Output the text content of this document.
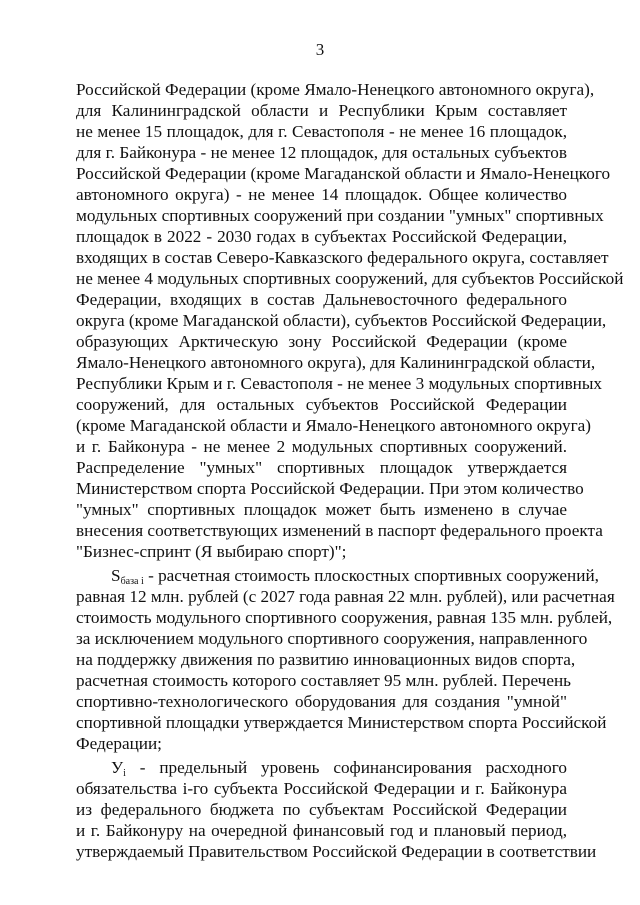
3
Российской Федерации (кроме Ямало-Ненецкого автономного округа),
для Калининградской области и Республики Крым составляет
не менее 15 площадок, для г. Севастополя - не менее 16 площадок,
для г. Байконура - не менее 12 площадок, для остальных субъектов
Российской Федерации (кроме Магаданской области и Ямало-Ненецкого
автономного округа) - не менее 14 площадок. Общее количество
модульных спортивных сооружений при создании "умных" спортивных
площадок в 2022 - 2030 годах в субъектах Российской Федерации,
входящих в состав Северо-Кавказского федерального округа, составляет
не менее 4 модульных спортивных сооружений, для субъектов Российской
Федерации, входящих в состав Дальневосточного федерального
округа (кроме Магаданской области), субъектов Российской Федерации,
образующих Арктическую зону Российской Федерации (кроме
Ямало-Ненецкого автономного округа), для Калининградской области,
Республики Крым и г. Севастополя - не менее 3 модульных спортивных
сооружений, для остальных субъектов Российской Федерации
(кроме Магаданской области и Ямало-Ненецкого автономного округа)
и г. Байконура - не менее 2 модульных спортивных сооружений.
Распределение "умных" спортивных площадок утверждается
Министерством спорта Российской Федерации. При этом количество
"умных" спортивных площадок может быть изменено в случае
внесения соответствующих изменений в паспорт федерального проекта
"Бизнес-спринт (Я выбираю спорт)";
$S_{база i}$ - расчетная стоимость плоскостных спортивных сооружений,
равная 12 млн. рублей (с 2027 года равная 22 млн. рублей), или расчетная
стоимость модульного спортивного сооружения, равная 135 млн. рублей,
за исключением модульного спортивного сооружения, направленного
на поддержку движения по развитию инновационных видов спорта,
расчетная стоимость которого составляет 95 млн. рублей. Перечень
спортивно-технологического оборудования для создания "умной"
спортивной площадки утверждается Министерством спорта Российской
Федерации;
$У_i$ - предельный уровень софинансирования расходного
обязательства i-го субъекта Российской Федерации и г. Байконура
из федерального бюджета по субъектам Российской Федерации
и г. Байконуру на очередной финансовый год и плановый период,
утверждаемый Правительством Российской Федерации в соответствии
